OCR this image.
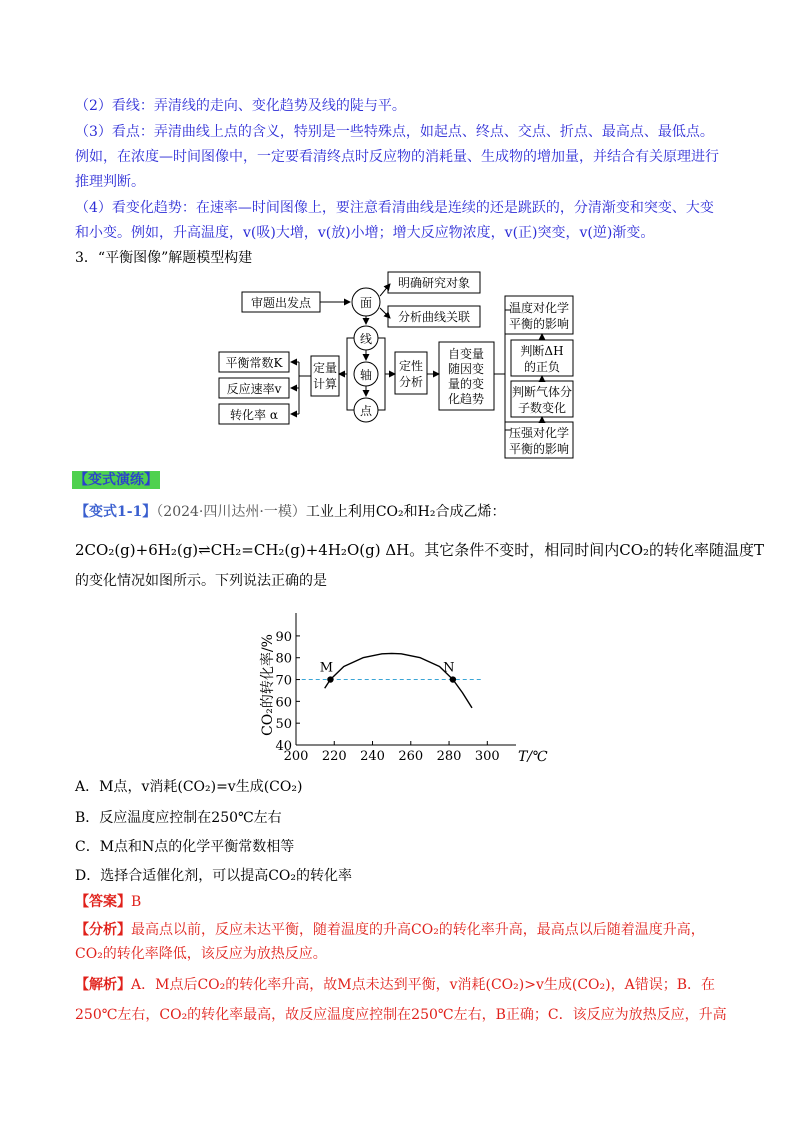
（2）看线：弄清线的走向、变化趋势及线的陡与平。
（3）看点：弄清曲线上点的含义，特别是一些特殊点，如起点、终点、交点、折点、最高点、最低点。
例如，在浓度—时间图像中，一定要看清终点时反应物的消耗量、生成物的增加量，并结合有关原理进行
推理判断。
（4）看变化趋势：在速率—时间图像上，要注意看清曲线是连续的还是跳跃的，分清渐变和突变、大变
和小变。例如，升高温度，v(吸)大增，v(放)小增；增大反应物浓度，v(正)突变，v(逆)渐变。
3．“平衡图像”解题模型构建
审题出发点	面
线
轴
点
明确研究对象
分析曲线关联
定性
分析
自变量
随因变
量的变
化趋势
定量
计算
平衡常数K
反应速率v
转化率 α
温度对化学
平衡的影响
判断ΔH
的正负
判断气体分
子数变化
压强对化学
平衡的影响
【变式演练】
【变式1-1】（2024·四川达州·一模）工业上利用CO₂和H₂合成乙烯：
2CO₂(g)+6H₂(g)⇌CH₂=CH₂(g)+4H₂O(g) ΔH。其它条件不变时，相同时间内CO₂的转化率随温度T
的变化情况如图所示。下列说法正确的是
200 220 240 260 280 300
40
50
60
70
80
90
M	N
CO₂的转化率/%
T/℃
A．M点，v消耗(CO₂)=v生成(CO₂)
B．反应温度应控制在250℃左右
C．M点和N点的化学平衡常数相等
D．选择合适催化剂，可以提高CO₂的转化率
【答案】B
【分析】最高点以前，反应未达平衡，随着温度的升高CO₂的转化率升高，最高点以后随着温度升高，
CO₂的转化率降低，该反应为放热反应。
【解析】A．M点后CO₂的转化率升高，故M点未达到平衡，v消耗(CO₂)>v生成(CO₂)，A错误；B．在
250℃左右，CO₂的转化率最高，故反应温度应控制在250℃左右，B正确；C．该反应为放热反应，升高
